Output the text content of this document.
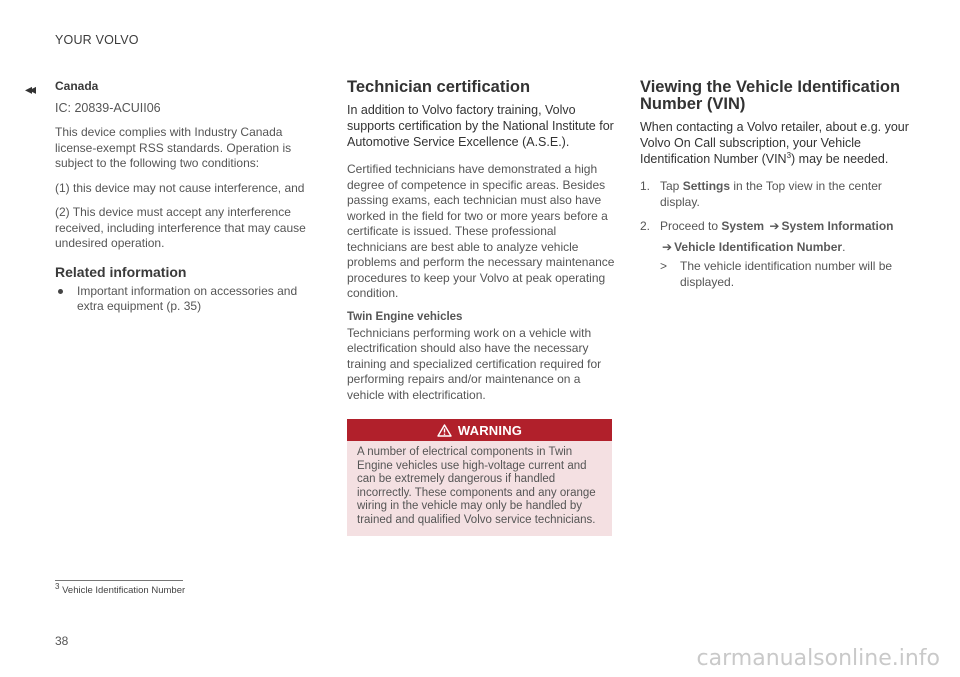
YOUR VOLVO
◂◂ Canada

IC: 20839-ACUII06

This device complies with Industry Canada license-exempt RSS standards. Operation is subject to the following two conditions:

(1) this device may not cause interference, and

(2) This device must accept any interference received, including interference that may cause undesired operation.

Related information

Important information on accessories and extra equipment (p. 35)

Technician certification

In addition to Volvo factory training, Volvo supports certification by the National Institute for Automotive Service Excellence (A.S.E.).

Certified technicians have demonstrated a high degree of competence in specific areas. Besides passing exams, each technician must also have worked in the field for two or more years before a certificate is issued. These professional technicians are best able to analyze vehicle problems and perform the necessary maintenance procedures to keep your Volvo at peak operating condition.

Twin Engine vehicles

Technicians performing work on a vehicle with electrification should also have the necessary training and specialized certification required for performing repairs and/or maintenance on a vehicle with electrification.

WARNING
A number of electrical components in Twin Engine vehicles use high-voltage current and can be extremely dangerous if handled incorrectly. These components and any orange wiring in the vehicle may only be handled by trained and qualified Volvo service technicians.

Viewing the Vehicle Identification Number (VIN)

When contacting a Volvo retailer, about e.g. your Volvo On Call subscription, your Vehicle Identification Number (VIN$^3$) may be needed.

1. Tap Settings in the Top view in the center display.
2. Proceed to System ➔ System Information
➔ Vehicle Identification Number.
> The vehicle identification number will be displayed.
$^3$ Vehicle Identification Number
38
carmanualsonline.info
